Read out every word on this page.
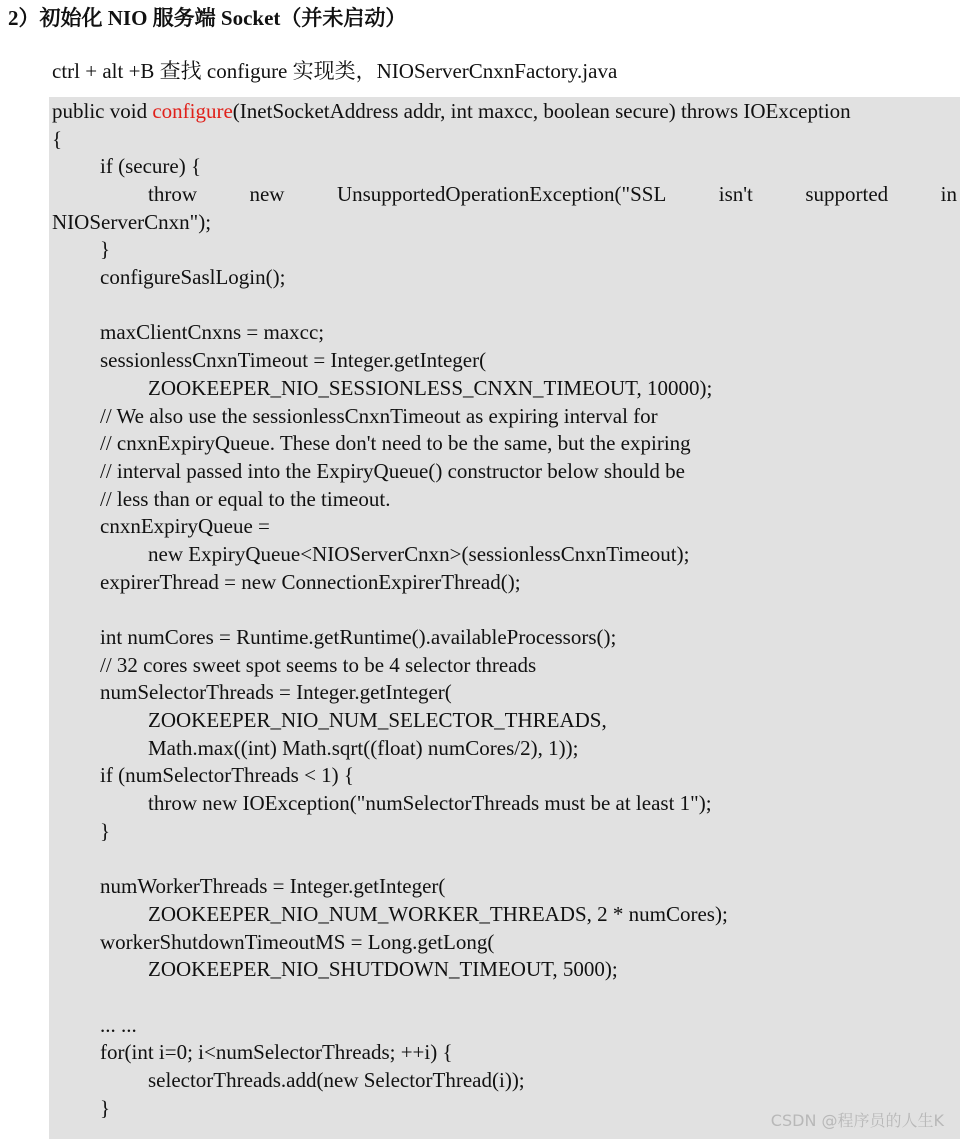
2）初始化 NIO 服务端 Socket（并未启动）
ctrl + alt +B 查找 configure 实现类，NIOServerCnxnFactory.java
public void configure(InetSocketAddress addr, int maxcc, boolean secure) throws IOException
{
if (secure) {
throw new UnsupportedOperationException("SSL isn't supported in
NIOServerCnxn");
}
configureSaslLogin();
maxClientCnxns = maxcc;
sessionlessCnxnTimeout = Integer.getInteger(
ZOOKEEPER_NIO_SESSIONLESS_CNXN_TIMEOUT, 10000);
// We also use the sessionlessCnxnTimeout as expiring interval for
// cnxnExpiryQueue. These don't need to be the same, but the expiring
// interval passed into the ExpiryQueue() constructor below should be
// less than or equal to the timeout.
cnxnExpiryQueue =
new ExpiryQueue<NIOServerCnxn>(sessionlessCnxnTimeout);
expirerThread = new ConnectionExpirerThread();
int numCores = Runtime.getRuntime().availableProcessors();
// 32 cores sweet spot seems to be 4 selector threads
numSelectorThreads = Integer.getInteger(
ZOOKEEPER_NIO_NUM_SELECTOR_THREADS,
Math.max((int) Math.sqrt((float) numCores/2), 1));
if (numSelectorThreads < 1) {
throw new IOException("numSelectorThreads must be at least 1");
}
numWorkerThreads = Integer.getInteger(
ZOOKEEPER_NIO_NUM_WORKER_THREADS, 2 * numCores);
workerShutdownTimeoutMS = Long.getLong(
ZOOKEEPER_NIO_SHUTDOWN_TIMEOUT, 5000);
... ...
for(int i=0; i<numSelectorThreads; ++i) {
selectorThreads.add(new SelectorThread(i));
}
CSDN @程序员的人生K
